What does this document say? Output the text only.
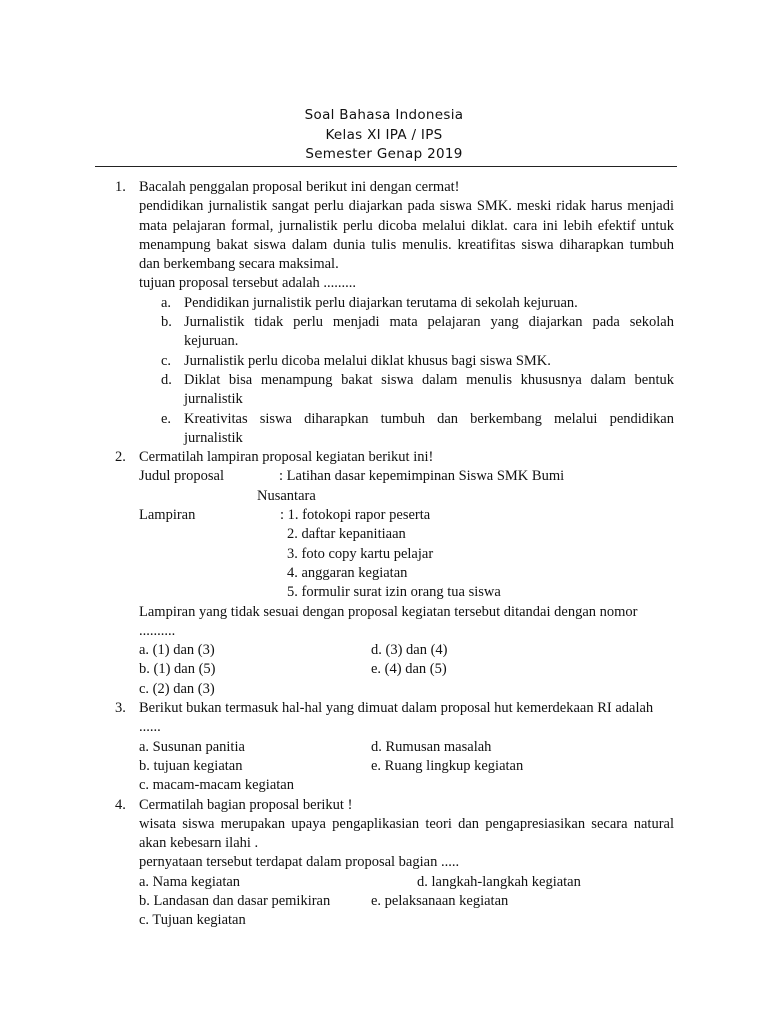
Soal Bahasa Indonesia
Kelas XI IPA / IPS
Semester Genap 2019
1. Bacalah penggalan proposal berikut ini dengan cermat!
pendidikan jurnalistik sangat perlu diajarkan pada siswa SMK. meski ridak harus menjadi mata pelajaran formal, jurnalistik perlu dicoba melalui diklat. cara ini lebih efektif untuk menampung bakat siswa dalam dunia tulis menulis. kreatifitas siswa diharapkan tumbuh dan berkembang secara maksimal.
tujuan proposal tersebut adalah .........
a. Pendidikan jurnalistik perlu diajarkan terutama di sekolah kejuruan.
b. Jurnalistik tidak perlu menjadi mata pelajaran yang diajarkan pada sekolah kejuruan.
c. Jurnalistik perlu dicoba melalui diklat khusus bagi siswa SMK.
d. Diklat bisa menampung bakat siswa dalam menulis khususnya dalam bentuk jurnalistik
e. Kreativitas siswa diharapkan tumbuh dan berkembang melalui pendidikan jurnalistik
2. Cermatilah lampiran proposal kegiatan berikut ini!
Judul proposal	: Latihan dasar kepemimpinan Siswa SMK Bumi
Nusantara
Lampiran	: 1. fotokopi rapor peserta
2. daftar kepanitiaan
3. foto copy kartu pelajar
4. anggaran kegiatan
5. formulir surat izin orang tua siswa
Lampiran yang tidak sesuai dengan proposal kegiatan tersebut ditandai dengan nomor ..........
a. (1) dan (3)	d. (3) dan (4)
b. (1) dan (5)	e. (4) dan (5)
c. (2) dan (3)
3. Berikut bukan termasuk hal-hal yang dimuat dalam proposal hut kemerdekaan RI adalah ......
a. Susunan panitia	d. Rumusan masalah
b. tujuan kegiatan	e. Ruang lingkup kegiatan
c. macam-macam kegiatan
4. Cermatilah bagian proposal berikut !
wisata siswa merupakan upaya pengaplikasian teori dan pengapresiasikan secara natural akan kebesarn ilahi .
pernyataan tersebut terdapat dalam proposal bagian .....
a. Nama kegiatan	d. langkah-langkah kegiatan
b. Landasan dan dasar pemikiran	e. pelaksanaan kegiatan
c. Tujuan kegiatan
